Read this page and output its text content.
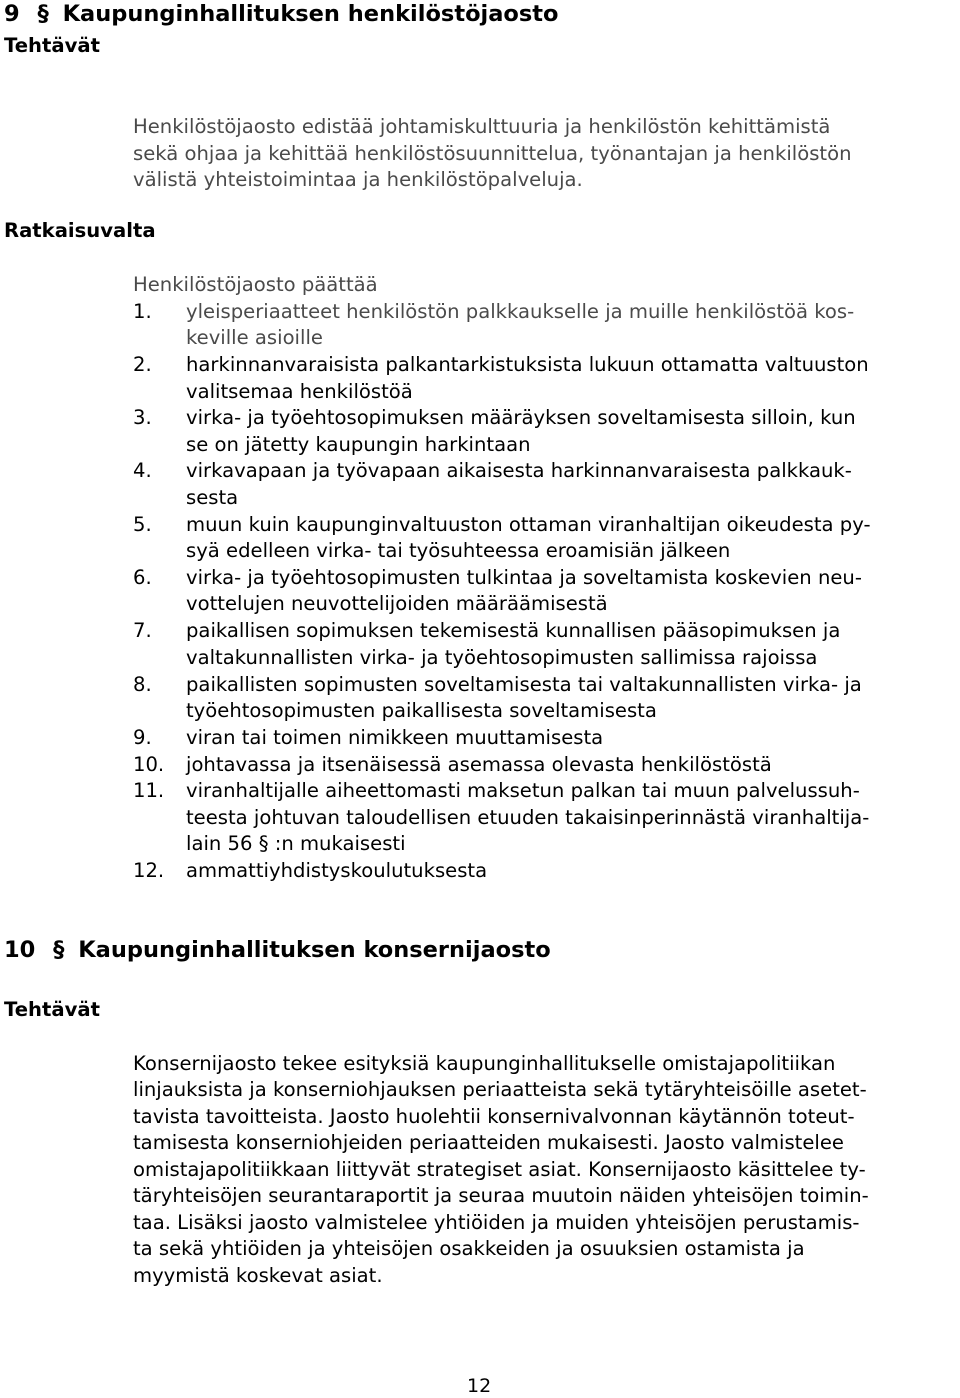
9 § Kaupunginhallituksen henkilöstöjaosto
Tehtävät
Henkilöstöjaosto edistää johtamiskulttuuria ja henkilöstön kehittämistä
sekä ohjaa ja kehittää henkilöstösuunnittelua, työnantajan ja henkilöstön
välistä yhteistoimintaa ja henkilöstöpalveluja.
Ratkaisuvalta
Henkilöstöjaosto päättää
1. yleisperiaatteet henkilöstön palkkaukselle ja muille henkilöstöä kos-
keville asioille
2. harkinnanvaraisista palkantarkistuksista lukuun ottamatta valtuuston
valitsemaa henkilöstöä
3. virka- ja työehtosopimuksen määräyksen soveltamisesta silloin, kun
se on jätetty kaupungin harkintaan
4. virkavapaan ja työvapaan aikaisesta harkinnanvaraisesta palkkauk-
sesta
5. muun kuin kaupunginvaltuuston ottaman viranhaltijan oikeudesta py-
syä edelleen virka- tai työsuhteessa eroamisiän jälkeen
6. virka- ja työehtosopimusten tulkintaa ja soveltamista koskevien neu-
vottelujen neuvottelijoiden määräämisestä
7. paikallisen sopimuksen tekemisestä kunnallisen pääsopimuksen ja
valtakunnallisten virka- ja työehtosopimusten sallimissa rajoissa
8. paikallisten sopimusten soveltamisesta tai valtakunnallisten virka- ja
työehtosopimusten paikallisesta soveltamisesta
9. viran tai toimen nimikkeen muuttamisesta
10. johtavassa ja itsenäisessä asemassa olevasta henkilöstöstä
11. viranhaltijalle aiheettomasti maksetun palkan tai muun palvelussuh-
teesta johtuvan taloudellisen etuuden takaisinperinnästä viranhaltija-
lain 56 § :n mukaisesti
12. ammattiyhdistyskoulutuksesta
10 § Kaupunginhallituksen konsernijaosto
Tehtävät
Konsernijaosto tekee esityksiä kaupunginhallitukselle omistajapolitiikan
linjauksista ja konserniohjauksen periaatteista sekä tytäryhteisöille asetet-
tavista tavoitteista. Jaosto huolehtii konsernivalvonnan käytännön toteut-
tamisesta konserniohjeiden periaatteiden mukaisesti. Jaosto valmistelee
omistajapolitiikkaan liittyvät strategiset asiat. Konsernijaosto käsittelee ty-
täryhteisöjen seurantaraportit ja seuraa muutoin näiden yhteisöjen toimin-
taa. Lisäksi jaosto valmistelee yhtiöiden ja muiden yhteisöjen perustamis-
ta sekä yhtiöiden ja yhteisöjen osakkeiden ja osuuksien ostamista ja
myymistä koskevat asiat.
12
